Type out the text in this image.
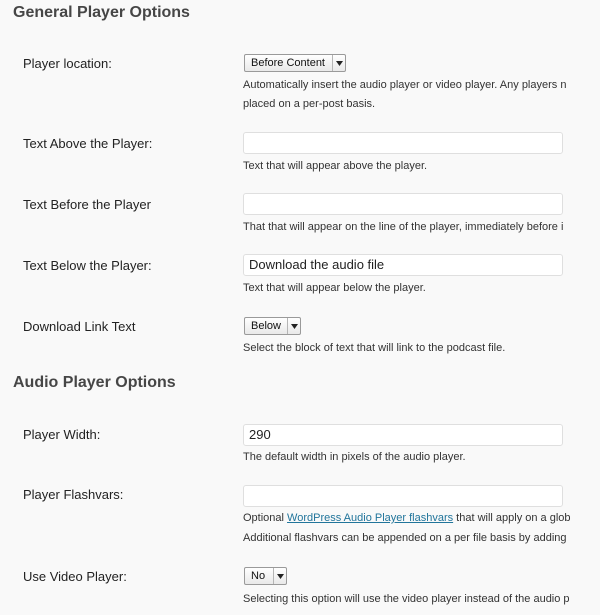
General Player Options
Player location:	Before Content
Automatically insert the audio player or video player. Any players n
placed on a per-post basis.
Text Above the Player:
Text that will appear above the player.
Text Before the Player
That that will appear on the line of the player, immediately before i
Text Below the Player:	Download the audio file
Text that will appear below the player.
Download Link Text	Below
Select the block of text that will link to the podcast file.
Audio Player Options
Player Width:	290
The default width in pixels of the audio player.
Player Flashvars:
Optional WordPress Audio Player flashvars that will apply on a glob
Additional flashvars can be appended on a per file basis by adding
Use Video Player:	No
Selecting this option will use the video player instead of the audio p
